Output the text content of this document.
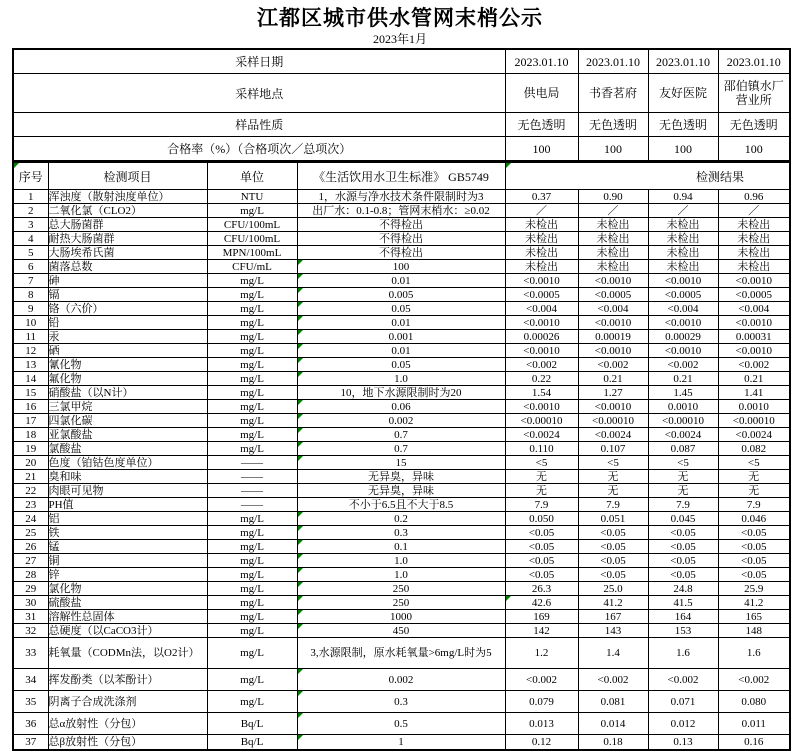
江都区城市供水管网末梢公示
2023年1月
采样日期	2023.01.10	2023.01.10	2023.01.10	2023.01.10
采样地点	供电局	书香茗府	友好医院	邵伯镇水厂营业所
样品性质	无色透明	无色透明	无色透明	无色透明
合格率（%）（合格项次／总项次）	100	100	100	100
序号	检测项目	单位	《生活饮用水卫生标准》 GB5749	检测结果			
1	浑浊度（散射浊度单位）	NTU	1，水源与净水技术条件限制时为3	0.37	0.90	0.94	0.96
2	二氧化氯（CLO2）	mg/L	出厂水：0.1-0.8；管网末梢水：≥0.02	／	／	／	／
3	总大肠菌群	CFU/100mL	不得检出	未检出	未检出	未检出	未检出
4	耐热大肠菌群	CFU/100mL	不得检出	未检出	未检出	未检出	未检出
5	大肠埃希氏菌	MPN/100mL	不得检出	未检出	未检出	未检出	未检出
6	菌落总数	CFU/mL	100	未检出	未检出	未检出	未检出
7	砷	mg/L	0.01	<0.0010	<0.0010	<0.0010	<0.0010
8	镉	mg/L	0.005	<0.0005	<0.0005	<0.0005	<0.0005
9	铬（六价）	mg/L	0.05	<0.004	<0.004	<0.004	<0.004
10	铅	mg/L	0.01	<0.0010	<0.0010	<0.0010	<0.0010
11	汞	mg/L	0.001	0.00026	0.00019	0.00029	0.00031
12	硒	mg/L	0.01	<0.0010	<0.0010	<0.0010	<0.0010
13	氰化物	mg/L	0.05	<0.002	<0.002	<0.002	<0.002
14	氟化物	mg/L	1.0	0.22	0.21	0.21	0.21
15	硝酸盐（以N计）	mg/L	10，地下水源限制时为20	1.54	1.27	1.45	1.41
16	三氯甲烷	mg/L	0.06	<0.0010	<0.0010	0.0010	0.0010
17	四氯化碳	mg/L	0.002	<0.00010	<0.00010	<0.00010	<0.00010
18	亚氯酸盐	mg/L	0.7	<0.0024	<0.0024	<0.0024	<0.0024
19	氯酸盐	mg/L	0.7	0.110	0.107	0.087	0.082
20	色度（铂钴色度单位）	——	15	<5	<5	<5	<5
21	臭和味	——	无异臭，异味	无	无	无	无
22	肉眼可见物	——	无异臭，异味	无	无	无	无
23	PH值	——	不小于6.5且不大于8.5	7.9	7.9	7.9	7.9
24	铝	mg/L	0.2	0.050	0.051	0.045	0.046
25	铁	mg/L	0.3	<0.05	<0.05	<0.05	<0.05
26	锰	mg/L	0.1	<0.05	<0.05	<0.05	<0.05
27	铜	mg/L	1.0	<0.05	<0.05	<0.05	<0.05
28	锌	mg/L	1.0	<0.05	<0.05	<0.05	<0.05
29	氯化物	mg/L	250	26.3	25.0	24.8	25.9
30	硫酸盐	mg/L	250	42.6	41.2	41.5	41.2
31	溶解性总固体	mg/L	1000	169	167	164	165
32	总硬度（以CaCO3计）	mg/L	450	142	143	153	148
33	耗氧量（CODMn法，以O2计）	mg/L	3,水源限制，原水耗氧量>6mg/L时为5	1.2	1.4	1.6	1.6
34	挥发酚类（以苯酚计）	mg/L	0.002	<0.002	<0.002	<0.002	<0.002
35	阴离子合成洗涤剂	mg/L	0.3	0.079	0.081	0.071	0.080
36	总α放射性（分包）	Bq/L	0.5	0.013	0.014	0.012	0.011
37	总β放射性（分包）	Bq/L	1	0.12	0.18	0.13	0.16
